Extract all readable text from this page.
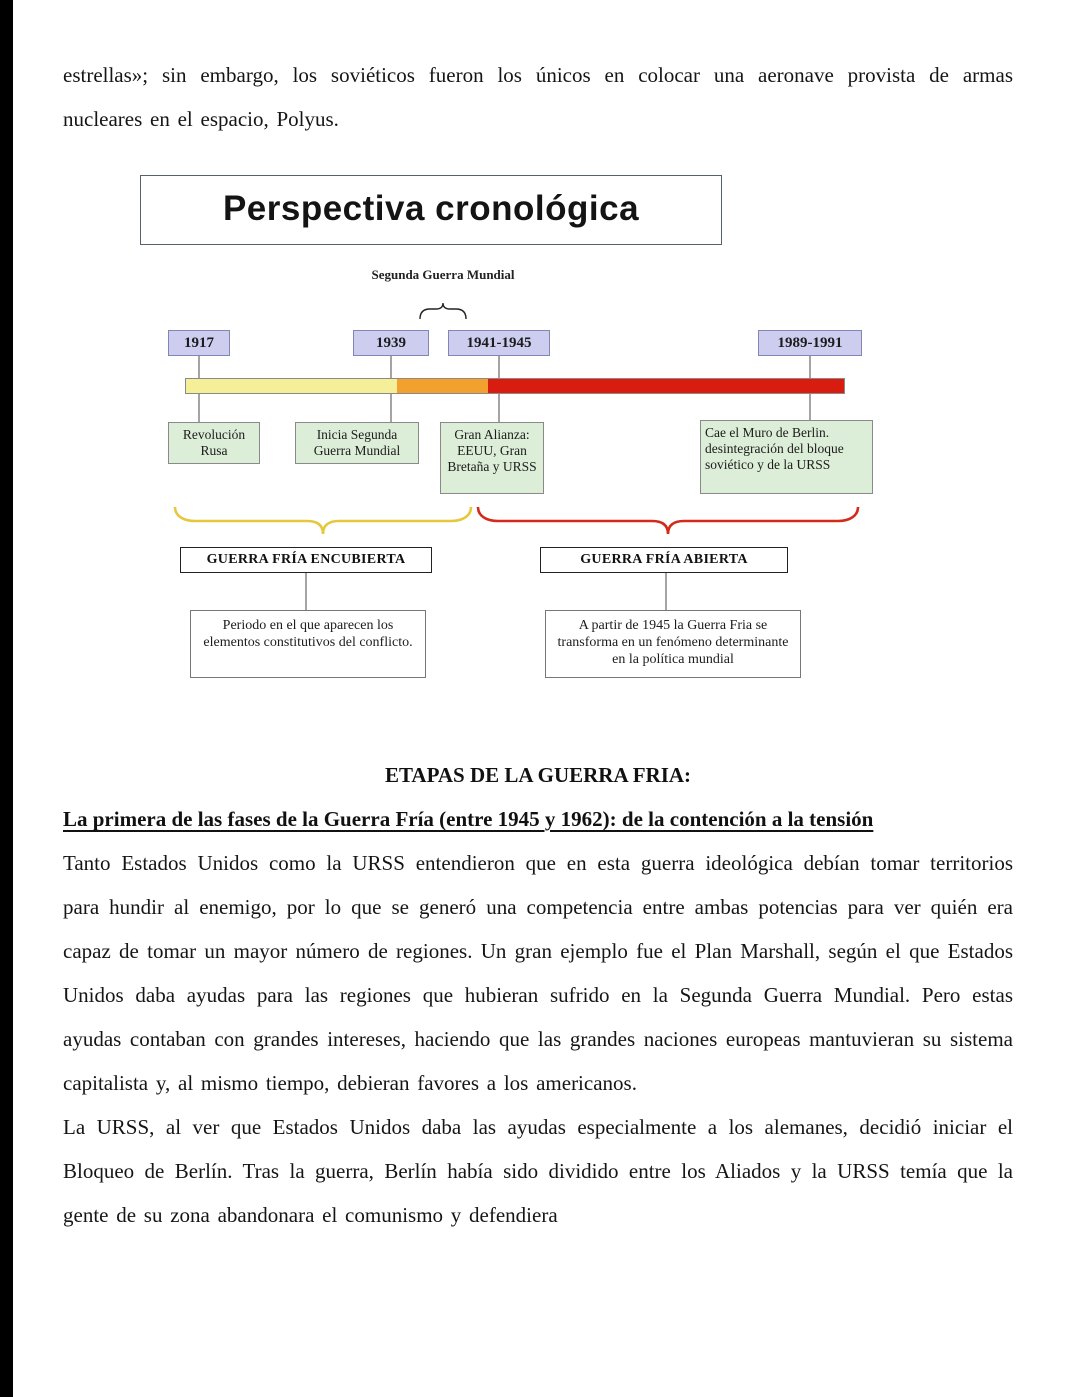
estrellas»; sin embargo, los soviéticos fueron los únicos en colocar una aeronave provista de armas nucleares en el espacio, Polyus.

Perspectiva cronológica
Segunda Guerra Mundial
1917	1939	1941-1945	1989-1991
Revolución Rusa
Inicia Segunda Guerra Mundial
Gran Alianza: EEUU, Gran Bretaña y URSS
Cae el Muro de Berlin. desintegración del bloque soviético y de la URSS
GUERRA FRÍA ENCUBIERTA	GUERRA FRÍA ABIERTA
Periodo en el que aparecen los elementos constitutivos del conflicto.
A partir de 1945 la Guerra Fria se transforma en un fenómeno determinante en la política mundial
ETAPAS DE LA GUERRA FRIA:
La primera de las fases de la Guerra Fría (entre 1945 y 1962): de la contención a la tensión

Tanto Estados Unidos como la URSS entendieron que en esta guerra ideológica debían tomar territorios para hundir al enemigo, por lo que se generó una competencia entre ambas potencias para ver quién era capaz de tomar un mayor número de regiones. Un gran ejemplo fue el Plan Marshall, según el que Estados Unidos daba ayudas para las regiones que hubieran sufrido en la Segunda Guerra Mundial. Pero estas ayudas contaban con grandes intereses, haciendo que las grandes naciones europeas mantuvieran su sistema capitalista y, al mismo tiempo, debieran favores a los americanos.

La URSS, al ver que Estados Unidos daba las ayudas especialmente a los alemanes, decidió iniciar el Bloqueo de Berlín. Tras la guerra, Berlín había sido dividido entre los Aliados y la URSS temía que la gente de su zona abandonara el comunismo y defendiera
